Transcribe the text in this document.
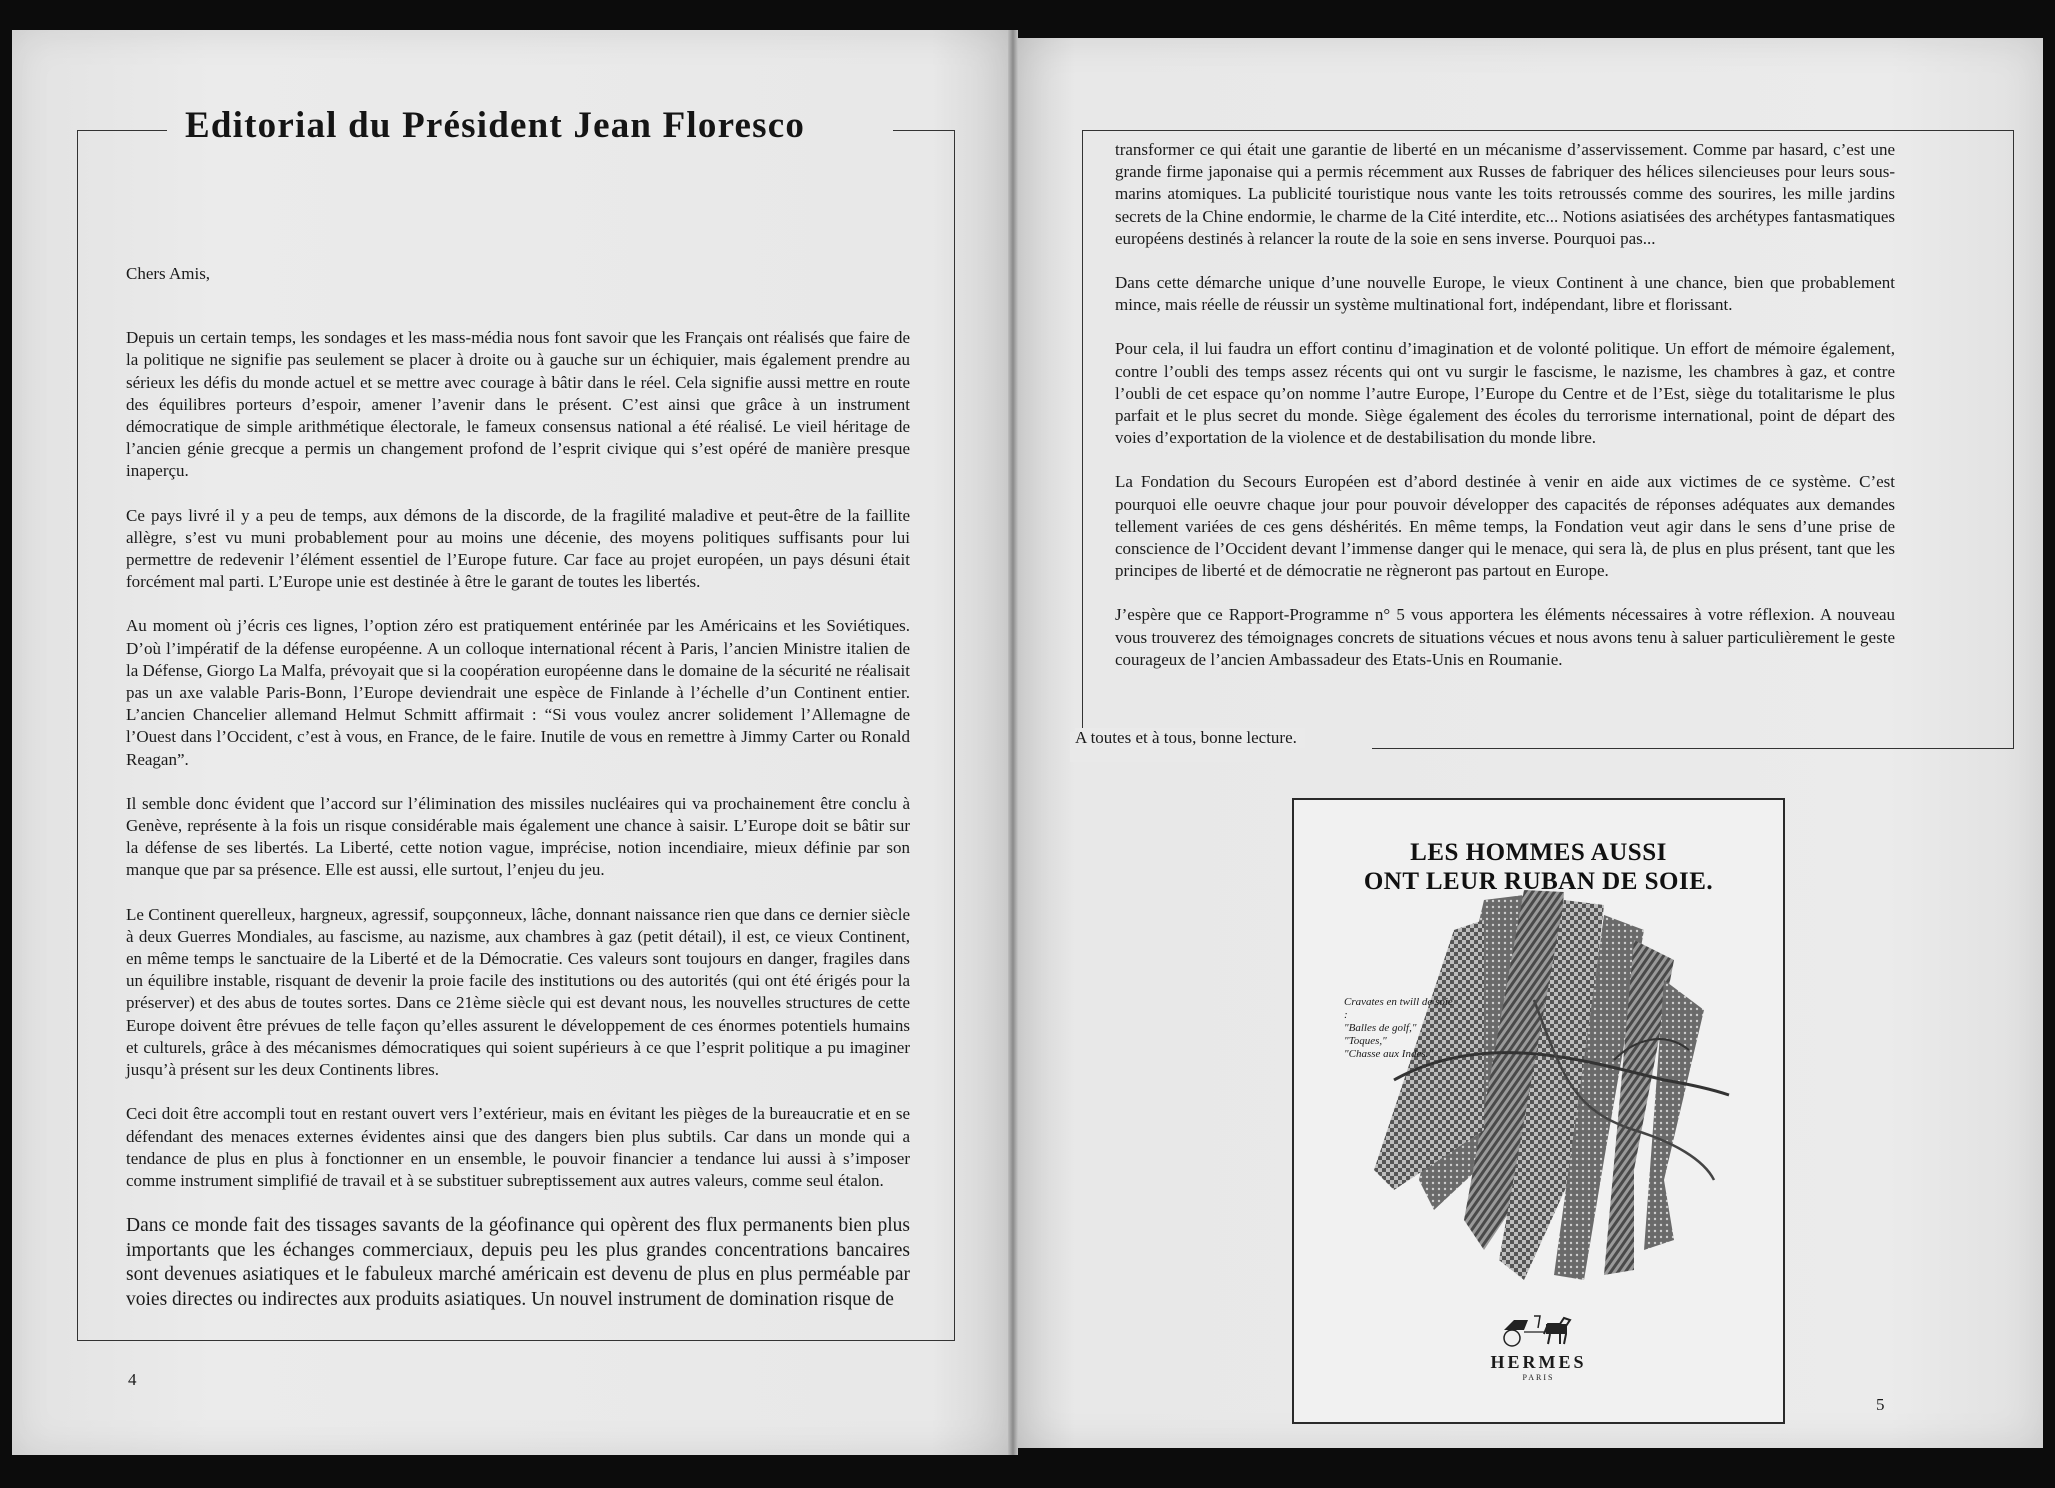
Editorial du Président Jean Floresco

Chers Amis,

Depuis un certain temps, les sondages et les mass-média nous font savoir que les Français ont réalisés que faire de la politique ne signifie pas seulement se placer à droite ou à gauche sur un échiquier, mais également prendre au sérieux les défis du monde actuel et se mettre avec courage à bâtir dans le réel. Cela signifie aussi mettre en route des équilibres porteurs d’espoir, amener l’avenir dans le présent. C’est ainsi que grâce à un instrument démocratique de simple arithmétique électorale, le fameux consensus national a été réalisé. Le vieil héritage de l’ancien génie grecque a permis un changement profond de l’esprit civique qui s’est opéré de manière presque inaperçu.

Ce pays livré il y a peu de temps, aux démons de la discorde, de la fragilité maladive et peut-être de la faillite allègre, s’est vu muni probablement pour au moins une décenie, des moyens politiques suffisants pour lui permettre de redevenir l’élément essentiel de l’Europe future. Car face au projet européen, un pays désuni était forcément mal parti. L’Europe unie est destinée à être le garant de toutes les libertés.

Au moment où j’écris ces lignes, l’option zéro est pratiquement entérinée par les Américains et les Soviétiques. D’où l’impératif de la défense européenne. A un colloque international récent à Paris, l’ancien Ministre italien de la Défense, Giorgo La Malfa, prévoyait que si la coopération européenne dans le domaine de la sécurité ne réalisait pas un axe valable Paris-Bonn, l’Europe deviendrait une espèce de Finlande à l’échelle d’un Continent entier. L’ancien Chancelier allemand Helmut Schmitt affirmait : “Si vous voulez ancrer solidement l’Allemagne de l’Ouest dans l’Occident, c’est à vous, en France, de le faire. Inutile de vous en remettre à Jimmy Carter ou Ronald Reagan”.

Il semble donc évident que l’accord sur l’élimination des missiles nucléaires qui va prochainement être conclu à Genève, représente à la fois un risque considérable mais également une chance à saisir. L’Europe doit se bâtir sur la défense de ses libertés. La Liberté, cette notion vague, imprécise, notion incendiaire, mieux définie par son manque que par sa présence. Elle est aussi, elle surtout, l’enjeu du jeu.

Le Continent querelleux, hargneux, agressif, soupçonneux, lâche, donnant naissance rien que dans ce dernier siècle à deux Guerres Mondiales, au fascisme, au nazisme, aux chambres à gaz (petit détail), il est, ce vieux Continent, en même temps le sanctuaire de la Liberté et de la Démocratie. Ces valeurs sont toujours en danger, fragiles dans un équilibre instable, risquant de devenir la proie facile des institutions ou des autorités (qui ont été érigés pour la préserver) et des abus de toutes sortes. Dans ce 21ème siècle qui est devant nous, les nouvelles structures de cette Europe doivent être prévues de telle façon qu’elles assurent le développement de ces énormes potentiels humains et culturels, grâce à des mécanismes démocratiques qui soient supérieurs à ce que l’esprit politique a pu imaginer jusqu’à présent sur les deux Continents libres.

Ceci doit être accompli tout en restant ouvert vers l’extérieur, mais en évitant les pièges de la bureaucratie et en se défendant des menaces externes évidentes ainsi que des dangers bien plus subtils. Car dans un monde qui a tendance de plus en plus à fonctionner en un ensemble, le pouvoir financier a tendance lui aussi à s’imposer comme instrument simplifié de travail et à se substituer subreptissement aux autres valeurs, comme seul étalon.

Dans ce monde fait des tissages savants de la géofinance qui opèrent des flux permanents bien plus importants que les échanges commerciaux, depuis peu les plus grandes concentrations bancaires sont devenues asiatiques et le fabuleux marché américain est devenu de plus en plus perméable par voies directes ou indirectes aux produits asiatiques. Un nouvel instrument de domination risque de

4

transformer ce qui était une garantie de liberté en un mécanisme d’asservissement. Comme par hasard, c’est une grande firme japonaise qui a permis récemment aux Russes de fabriquer des hélices silencieuses pour leurs sous-marins atomiques. La publicité touristique nous vante les toits retroussés comme des sourires, les mille jardins secrets de la Chine endormie, le charme de la Cité interdite, etc... Notions asiatisées des archétypes fantasmatiques européens destinés à relancer la route de la soie en sens inverse. Pourquoi pas...

Dans cette démarche unique d’une nouvelle Europe, le vieux Continent à une chance, bien que probablement mince, mais réelle de réussir un système multinational fort, indépendant, libre et florissant.

Pour cela, il lui faudra un effort continu d’imagination et de volonté politique. Un effort de mémoire également, contre l’oubli des temps assez récents qui ont vu surgir le fascisme, le nazisme, les chambres à gaz, et contre l’oubli de cet espace qu’on nomme l’autre Europe, l’Europe du Centre et de l’Est, siège du totalitarisme le plus parfait et le plus secret du monde. Siège également des écoles du terrorisme international, point de départ des voies d’exportation de la violence et de destabilisation du monde libre.

La Fondation du Secours Européen est d’abord destinée à venir en aide aux victimes de ce système. C’est pourquoi elle oeuvre chaque jour pour pouvoir développer des capacités de réponses adéquates aux demandes tellement variées de ces gens déshérités. En même temps, la Fondation veut agir dans le sens d’une prise de conscience de l’Occident devant l’immense danger qui le menace, qui sera là, de plus en plus présent, tant que les principes de liberté et de démocratie ne règneront pas partout en Europe.

J’espère que ce Rapport-Programme n° 5 vous apportera les éléments nécessaires à votre réflexion. A nouveau vous trouverez des témoignages concrets de situations vécues et nous avons tenu à saluer particulièrement le geste courageux de l’ancien Ambassadeur des Etats-Unis en Roumanie.

A toutes et à tous, bonne lecture.
LES HOMMES AUSSI
ONT LEUR RUBAN DE SOIE.
Cravates en twill de soie :
"Balles de golf," "Toques,"
"Chasse aux Indes."
HERMES
PARIS
5
